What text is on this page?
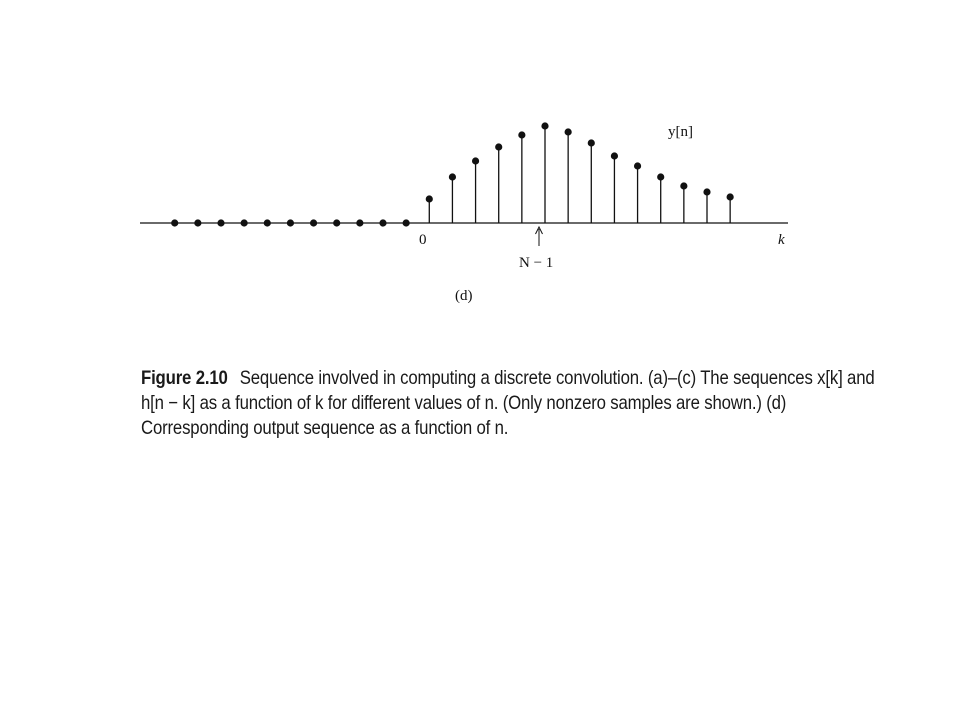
0	k
N − 1
y[n]
(d)

Figure 2.10 Sequence involved in computing a discrete convolution. (a)–(c) The sequences x[k] and h[n − k] as a function of k for different values of n. (Only nonzero samples are shown.) (d) Corresponding output sequence as a function of n.
